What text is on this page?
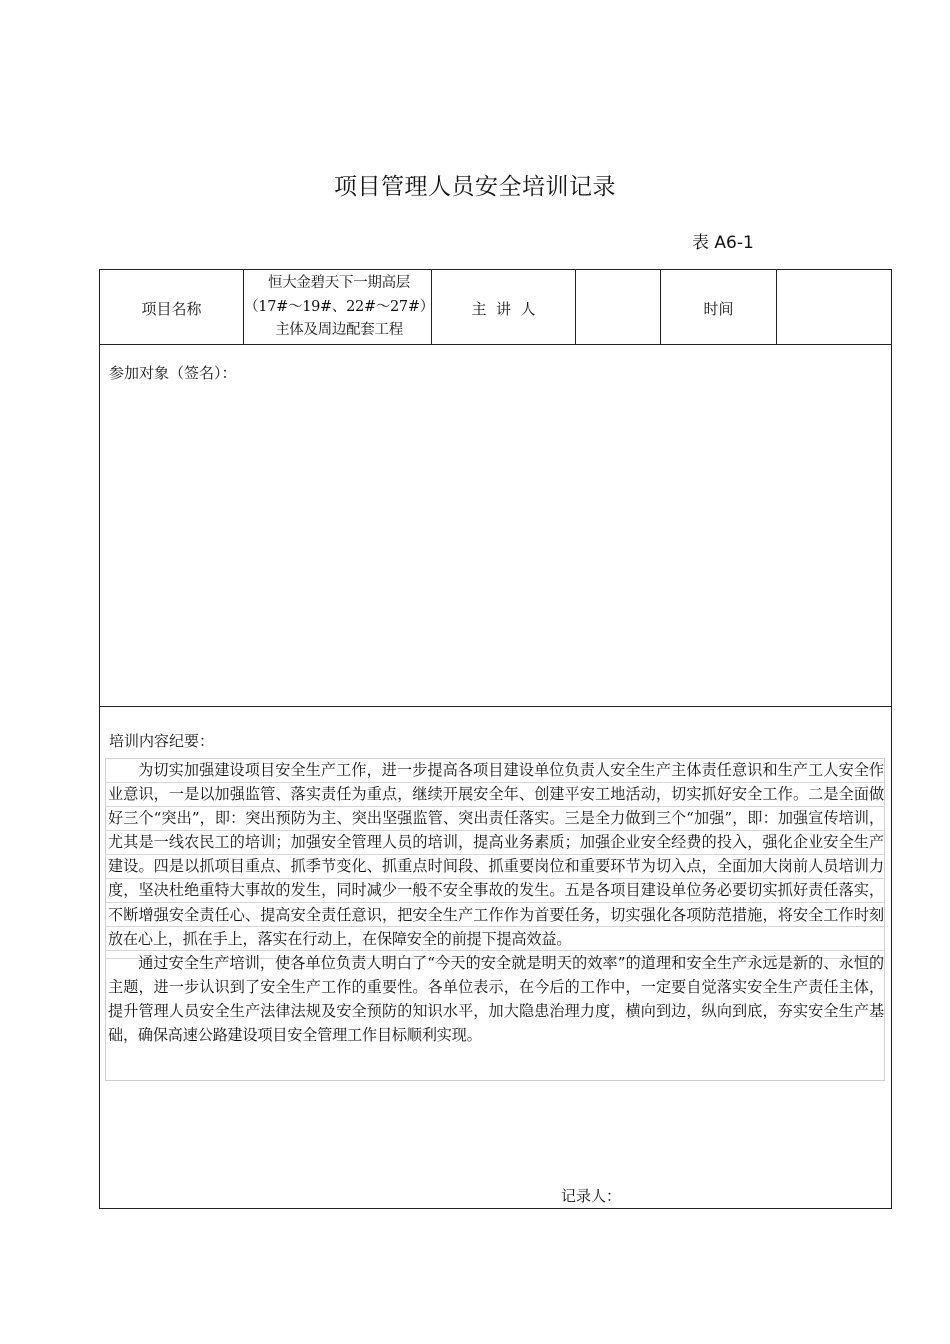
项目管理人员安全培训记录
表 A6-1
项目名称
恒大金碧天下一期高层
（17#～19#、22#～27#）
主体及周边配套工程
主  讲  人	时间
参加对象（签名）：
培训内容纪要：

为切实加强建设项目安全生产工作，进一步提高各项目建设单位负责人安全生产主体责任意识和生产工人安全作业意识，一是以加强监管、落实责任为重点，继续开展安全年、创建平安工地活动，切实抓好安全工作。二是全面做好三个“突出”，即：突出预防为主、突出坚强监管、突出责任落实。三是全力做到三个“加强”，即：加强宣传培训，尤其是一线农民工的培训；加强安全管理人员的培训，提高业务素质；加强企业安全经费的投入，强化企业安全生产建设。四是以抓项目重点、抓季节变化、抓重点时间段、抓重要岗位和重要环节为切入点，全面加大岗前人员培训力度，坚决杜绝重特大事故的发生，同时减少一般不安全事故的发生。五是各项目建设单位务必要切实抓好责任落实，不断增强安全责任心、提高安全责任意识，把安全生产工作作为首要任务，切实强化各项防范措施，将安全工作时刻放在心上，抓在手上，落实在行动上，在保障安全的前提下提高效益。

通过安全生产培训，使各单位负责人明白了“今天的安全就是明天的效率”的道理和安全生产永远是新的、永恒的主题，进一步认识到了安全生产工作的重要性。各单位表示，在今后的工作中，一定要自觉落实安全生产责任主体，提升管理人员安全生产法律法规及安全预防的知识水平，加大隐患治理力度，横向到边，纵向到底，夯实安全生产基础，确保高速公路建设项目安全管理工作目标顺利实现。

记录人：
